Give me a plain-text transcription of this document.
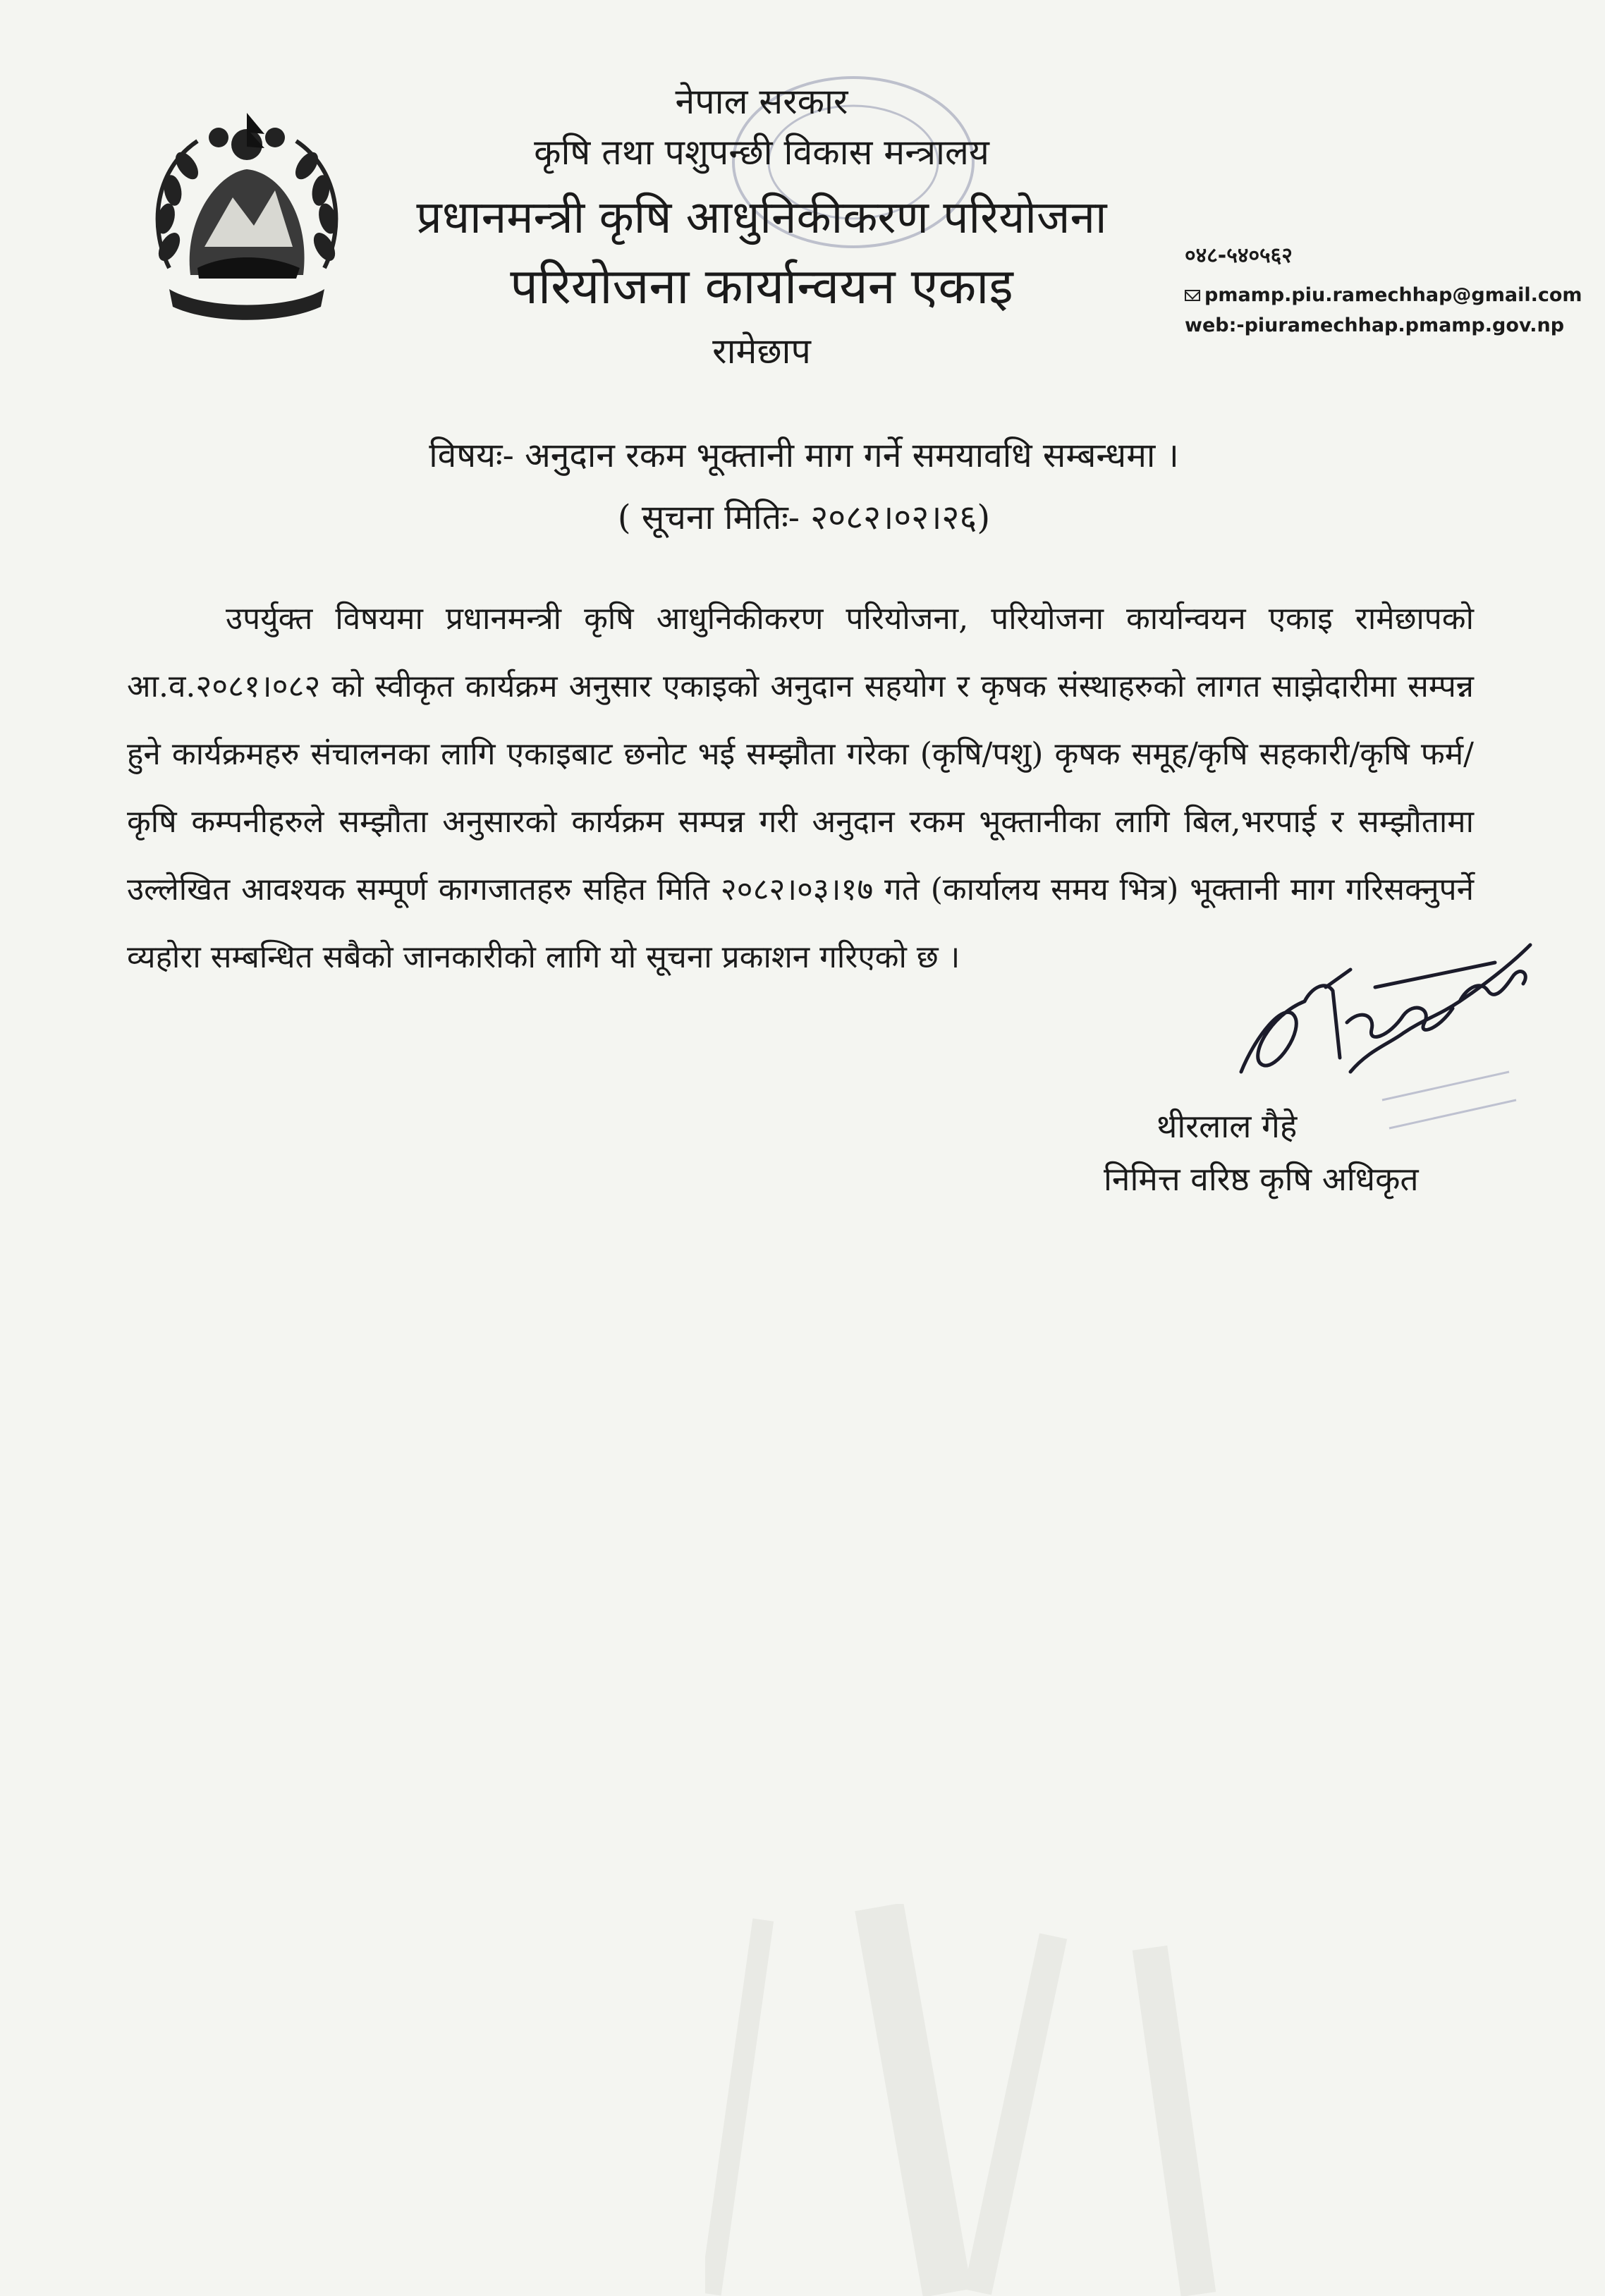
नेपाल सरकार
कृषि तथा पशुपन्छी विकास मन्त्रालय
प्रधानमन्त्री कृषि आधुनिकीकरण परियोजना
परियोजना कार्यान्वयन एकाइ
रामेछाप
०४८-५४०५६२
pmamp.piu.ramechhap@gmail.com
web:-piuramechhap.pmamp.gov.np
विषयः- अनुदान रकम भूक्तानी माग गर्ने समयावधि सम्बन्धमा ।
( सूचना मितिः- २०८२।०२।२६)
उपर्युक्त विषयमा प्रधानमन्त्री कृषि आधुनिकीकरण परियोजना, परियोजना कार्यान्वयन एकाइ रामेछापको आ.व.२०८१।०८२ को स्वीकृत कार्यक्रम अनुसार एकाइको अनुदान सहयोग र कृषक संस्थाहरुको लागत साझेदारीमा सम्पन्न हुने कार्यक्रमहरु संचालनका लागि एकाइबाट छनोट भई सम्झौता गरेका (कृषि/पशु) कृषक समूह/कृषि सहकारी/कृषि फर्म/कृषि कम्पनीहरुले सम्झौता अनुसारको कार्यक्रम सम्पन्न गरी अनुदान रकम भूक्तानीका लागि बिल,भरपाई र सम्झौतामा उल्लेखित आवश्यक सम्पूर्ण कागजातहरु सहित मिति २०८२।०३।१७ गते (कार्यालय समय भित्र) भूक्तानी माग गरिसक्नुपर्ने व्यहोरा सम्बन्धित सबैको जानकारीको लागि यो सूचना प्रकाशन गरिएको छ ।
थीरलाल गैहे
निमित्त वरिष्ठ कृषि अधिकृत
